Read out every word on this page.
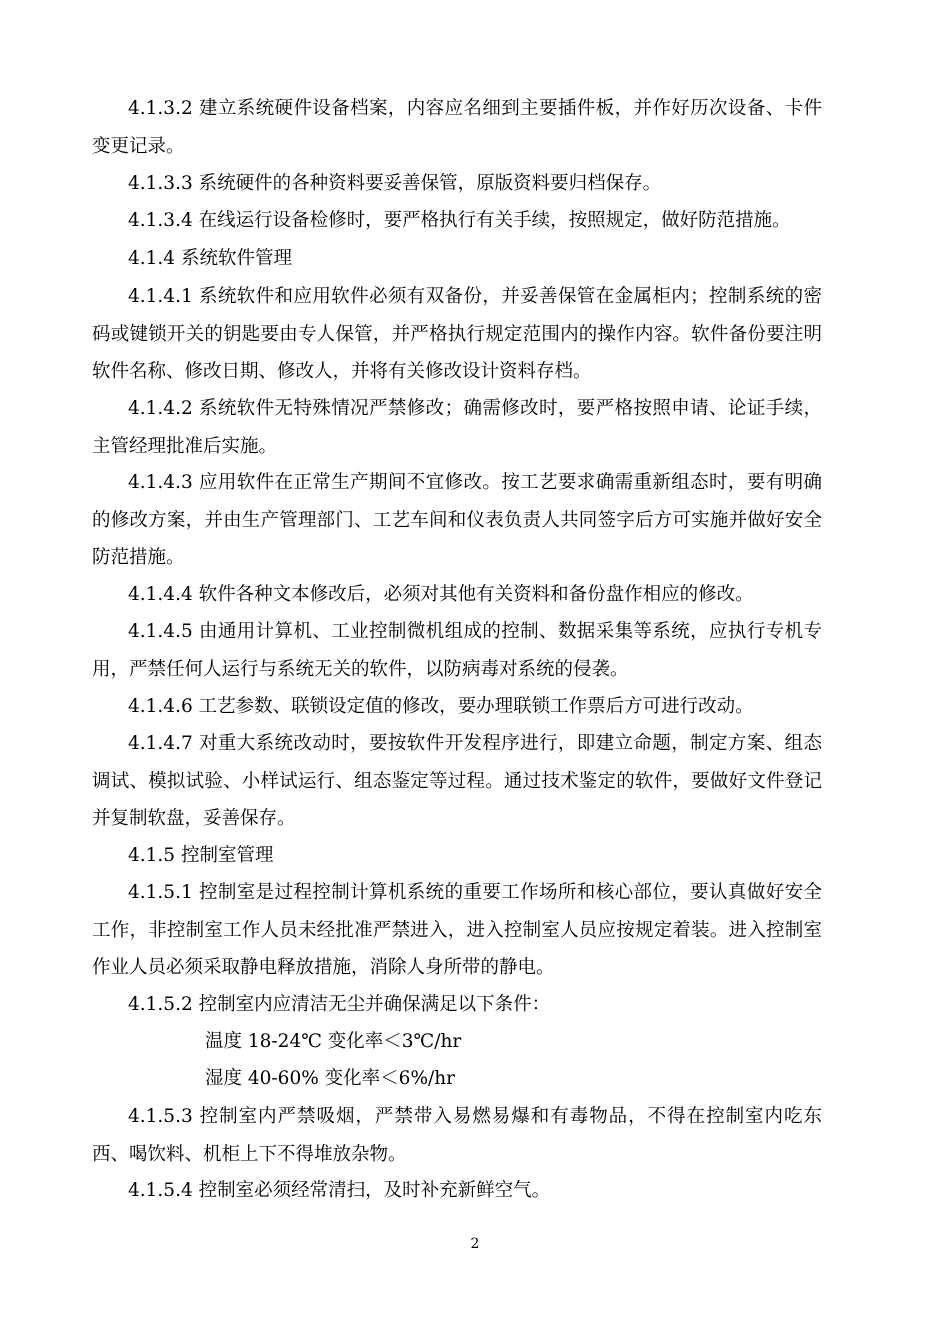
4.1.3.2 建立系统硬件设备档案，内容应名细到主要插件板，并作好历次设备、卡件变更记录。

4.1.3.3 系统硬件的各种资料要妥善保管，原版资料要归档保存。

4.1.3.4 在线运行设备检修时，要严格执行有关手续，按照规定，做好防范措施。

4.1.4 系统软件管理

4.1.4.1 系统软件和应用软件必须有双备份，并妥善保管在金属柜内；控制系统的密码或键锁开关的钥匙要由专人保管，并严格执行规定范围内的操作内容。软件备份要注明软件名称、修改日期、修改人，并将有关修改设计资料存档。

4.1.4.2 系统软件无特殊情况严禁修改；确需修改时，要严格按照申请、论证手续，主管经理批准后实施。

4.1.4.3 应用软件在正常生产期间不宜修改。按工艺要求确需重新组态时，要有明确的修改方案，并由生产管理部门、工艺车间和仪表负责人共同签字后方可实施并做好安全防范措施。

4.1.4.4 软件各种文本修改后，必须对其他有关资料和备份盘作相应的修改。

4.1.4.5 由通用计算机、工业控制微机组成的控制、数据采集等系统，应执行专机专用，严禁任何人运行与系统无关的软件，以防病毒对系统的侵袭。

4.1.4.6 工艺参数、联锁设定值的修改，要办理联锁工作票后方可进行改动。

4.1.4.7 对重大系统改动时，要按软件开发程序进行，即建立命题，制定方案、组态调试、模拟试验、小样试运行、组态鉴定等过程。通过技术鉴定的软件，要做好文件登记并复制软盘，妥善保存。

4.1.5 控制室管理

4.1.5.1 控制室是过程控制计算机系统的重要工作场所和核心部位，要认真做好安全工作，非控制室工作人员未经批准严禁进入，进入控制室人员应按规定着装。进入控制室作业人员必须采取静电释放措施，消除人身所带的静电。

4.1.5.2 控制室内应清洁无尘并确保满足以下条件：

温度 18-24℃ 变化率＜3℃/hr

湿度 40-60% 变化率＜6%/hr

4.1.5.3 控制室内严禁吸烟，严禁带入易燃易爆和有毒物品，不得在控制室内吃东西、喝饮料、机柜上下不得堆放杂物。

4.1.5.4 控制室必须经常清扫，及时补充新鲜空气。

2
